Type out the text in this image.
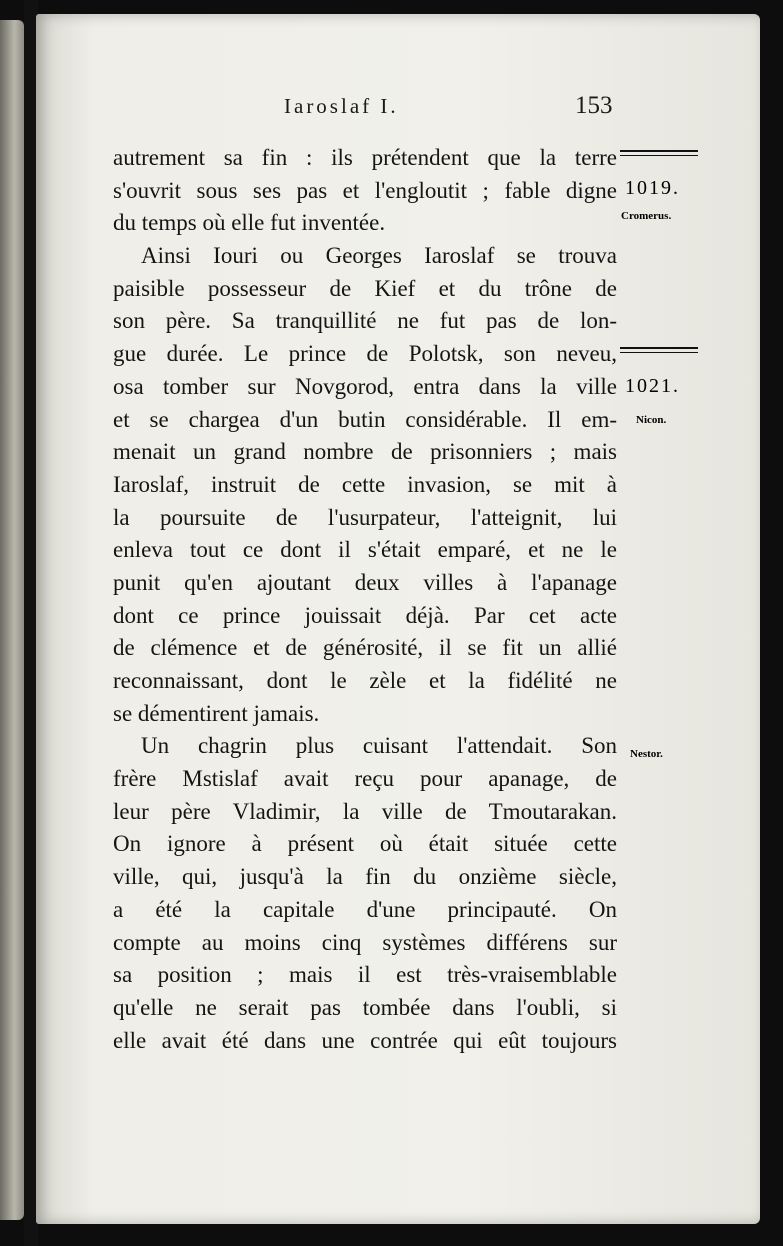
Iaroslaf I.	153
autrement sa fin : ils prétendent que la terre
s'ouvrit sous ses pas et l'engloutit ; fable digne
du temps où elle fut inventée.
Ainsi Iouri ou Georges Iaroslaf se trouva
paisible possesseur de Kief et du trône de
son père. Sa tranquillité ne fut pas de lon-
gue durée. Le prince de Polotsk, son neveu,
osa tomber sur Novgorod, entra dans la ville
et se chargea d'un butin considérable. Il em-
menait un grand nombre de prisonniers ; mais
Iaroslaf, instruit de cette invasion, se mit à
la poursuite de l'usurpateur, l'atteignit, lui
enleva tout ce dont il s'était emparé, et ne le
punit qu'en ajoutant deux villes à l'apanage
dont ce prince jouissait déjà. Par cet acte
de clémence et de générosité, il se fit un allié
reconnaissant, dont le zèle et la fidélité ne
se démentirent jamais.
Un chagrin plus cuisant l'attendait. Son
frère Mstislaf avait reçu pour apanage, de
leur père Vladimir, la ville de Tmoutarakan.
On ignore à présent où était située cette
ville, qui, jusqu'à la fin du onzième siècle,
a été la capitale d'une principauté. On
compte au moins cinq systèmes différens sur
sa position ; mais il est très-vraisemblable
qu'elle ne serait pas tombée dans l'oubli, si
elle avait été dans une contrée qui eût toujours
1019.
Cromerus.
1021.
Nicon.
Nestor.
